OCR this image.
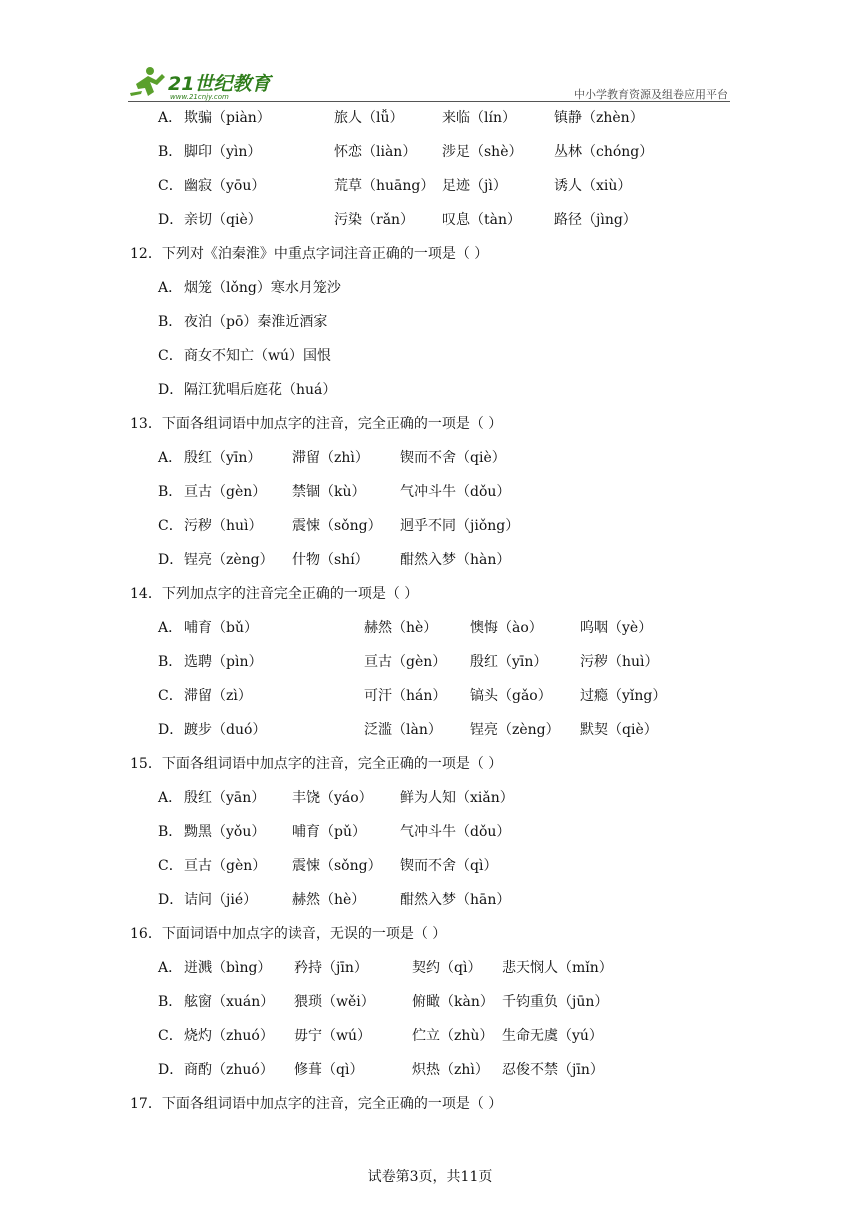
21世纪教育
www.21cnjy.com	中小学教育资源及组卷应用平台
A． 欺骗（piàn）	旅人（lǚ）	来临（lín）	镇静（zhèn）
B． 脚印（yìn）	怀恋（liàn） 涉足（shè） 丛林（chóng）
C． 幽寂（yōu）	荒草（huāng） 足迹（jì）	诱人（xiù）
D． 亲切（qiè）	污染（rǎn） 叹息（tàn） 路径（jìng）
12．下列对《泊秦淮》中重点字词注音正确的一项是（ ）
A． 烟笼（lǒng）寒水月笼沙
B． 夜泊（pō）秦淮近酒家
C． 商女不知亡（wú）国恨
D． 隔江犹唱后庭花（huá）
13．下面各组词语中加点字的注音，完全正确的一项是（ ）
A． 殷红（yīn） 滞留（zhì） 锲而不舍（qiè）
B． 亘古（gèn） 禁锢（kù） 气冲斗牛（dǒu）
C． 污秽（huì） 震悚（sǒng） 迥乎不同（jiǒng）
D． 锃亮（zèng） 什物（shí） 酣然入梦（hàn）
14．下列加点字的注音完全正确的一项是（ ）
A． 哺育（bǔ）	赫然（hè） 懊悔（ào）	呜咽（yè）
B． 选聘（pìn）	亘古（gèn） 殷红（yīn） 污秽（huì）
C． 滞留（zì）	可汗（hán） 镐头（gǎo） 过瘾（yǐng）
D． 踱步（duó）	泛滥（làn） 锃亮（zèng） 默契（qiè）
15．下面各组词语中加点字的注音，完全正确的一项是（ ）
A． 殷红（yān） 丰饶（yáo） 鲜为人知（xiǎn）
B． 黝黑（yǒu） 哺育（pǔ） 气冲斗牛（dǒu）
C． 亘古（gèn） 震悚（sǒng） 锲而不舍（qì）
D． 诘问（jié） 赫然（hè） 酣然入梦（hān）
16．下面词语中加点字的读音，无误的一项是（ ）
A． 迸溅（bìng） 矜持（jīn）	契约（qì） 悲天悯人（mǐn）
B． 舷窗（xuán） 猥琐（wěi）	俯瞰（kàn） 千钧重负（jūn）
C． 烧灼（zhuó） 毋宁（wú）	伫立（zhù） 生命无虞（yú）
D． 商酌（zhuó） 修葺（qì）	炽热（zhì） 忍俊不禁（jīn）
17．下面各组词语中加点字的注音，完全正确的一项是（ ）
试卷第3页，共11页
